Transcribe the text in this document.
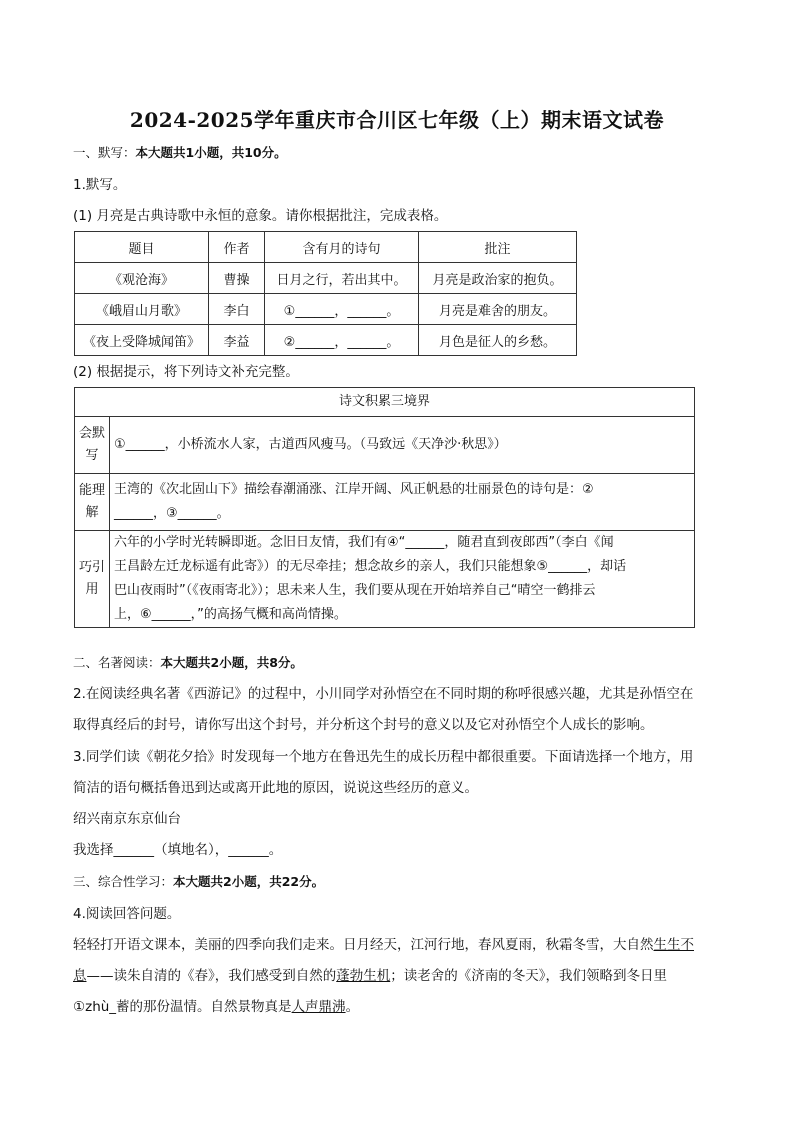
2024-2025学年重庆市合川区七年级（上）期末语文试卷
一、默写：本大题共1小题，共10分。
1.默写。
(1) 月亮是古典诗歌中永恒的意象。请你根据批注，完成表格。
题目	作者	含有月的诗句	批注
《观沧海》	曹操	日月之行，若出其中。	月亮是政治家的抱负。
《峨眉山月歌》	李白	①______，______。	月亮是难舍的朋友。
《夜上受降城闻笛》	李益	②______，______。	月色是征人的乡愁。
(2) 根据提示，将下列诗文补充完整。
诗文积累三境界	
会默写	①______，小桥流水人家，古道西风瘦马。（马致远《天净沙·秋思》）
能理解	王湾的《次北固山下》描绘春潮涌涨、江岸开阔、风正帆悬的壮丽景色的诗句是：②
______，③______。

巧引用	六年的小学时光转瞬即逝。念旧日友情，我们有④“______，随君直到夜郎西”（李白《闻
王昌龄左迁龙标遥有此寄》）的无尽牵挂；想念故乡的亲人，我们只能想象⑤______，却话
巴山夜雨时”（《夜雨寄北》）；思未来人生，我们要从现在开始培养自己“晴空一鹤排云
上，⑥______，”的高扬气概和高尚情操。
二、名著阅读：本大题共2小题，共8分。
2.在阅读经典名著《西游记》的过程中，小川同学对孙悟空在不同时期的称呼很感兴趣，尤其是孙悟空在
取得真经后的封号，请你写出这个封号，并分析这个封号的意义以及它对孙悟空个人成长的影响。
3.同学们读《朝花夕拾》时发现每一个地方在鲁迅先生的成长历程中都很重要。下面请选择一个地方，用
简洁的语句概括鲁迅到达或离开此地的原因，说说这些经历的意义。
绍兴南京东京仙台
我选择______（填地名），______。
三、综合性学习：本大题共2小题，共22分。
4.阅读回答问题。
轻轻打开语文课本，美丽的四季向我们走来。日月经天，江河行地，春风夏雨，秋霜冬雪，大自然生生不
息——读朱自清的《春》，我们感受到自然的蓬勃生机；读老舍的《济南的冬天》，我们领略到冬日里
①zhù_蓄的那份温情。自然景物真是人声鼎沸。
